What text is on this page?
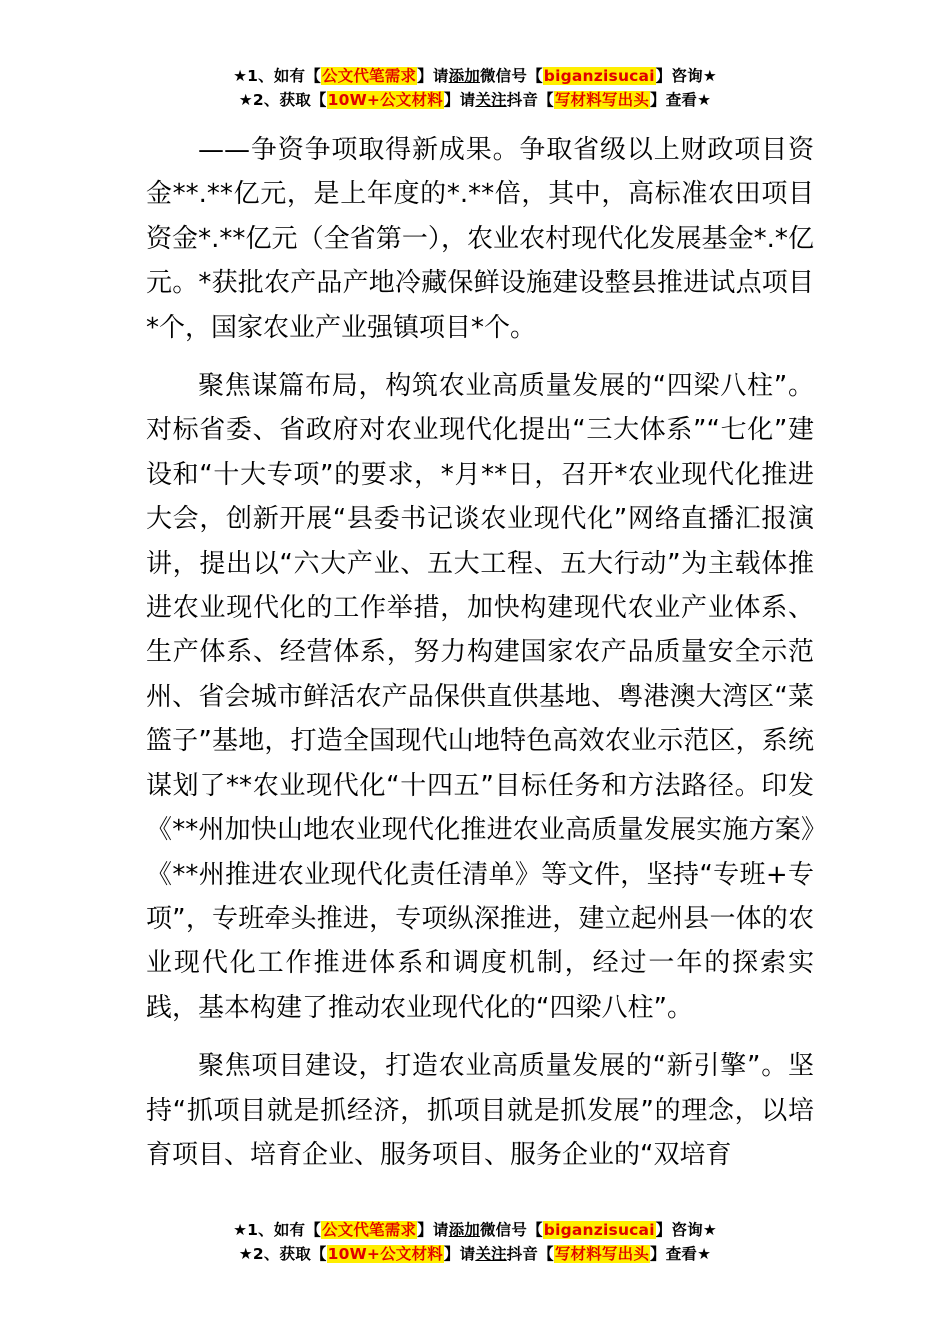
★1、如有【公文代笔需求】请添加微信号【biganzisucai】咨询★
★2、获取【10W+公文材料】请关注抖音【写材料写出头】查看★

——争资争项取得新成果。争取省级以上财政项目资金**.**亿元，是上年度的*.**倍，其中，高标准农田项目资金*.**亿元（全省第一），农业农村现代化发展基金*.*亿元。*获批农产品产地冷藏保鲜设施建设整县推进试点项目*个，国家农业产业强镇项目*个。

聚焦谋篇布局，构筑农业高质量发展的“四梁八柱”。对标省委、省政府对农业现代化提出“三大体系”“七化”建设和“十大专项”的要求，*月**日，召开*农业现代化推进大会，创新开展“县委书记谈农业现代化”网络直播汇报演讲，提出以“六大产业、五大工程、五大行动”为主载体推进农业现代化的工作举措，加快构建现代农业产业体系、生产体系、经营体系，努力构建国家农产品质量安全示范州、省会城市鲜活农产品保供直供基地、粤港澳大湾区“菜篮子”基地，打造全国现代山地特色高效农业示范区，系统谋划了**农业现代化“十四五”目标任务和方法路径。印发《**州加快山地农业现代化推进农业高质量发展实施方案》《**州推进农业现代化责任清单》等文件，坚持“专班+专项”，专班牵头推进，专项纵深推进，建立起州县一体的农业现代化工作推进体系和调度机制，经过一年的探索实践，基本构建了推动农业现代化的“四梁八柱”。

聚焦项目建设，打造农业高质量发展的“新引擎”。坚持“抓项目就是抓经济，抓项目就是抓发展”的理念，以培育项目、培育企业、服务项目、服务企业的“双培育

★1、如有【公文代笔需求】请添加微信号【biganzisucai】咨询★
★2、获取【10W+公文材料】请关注抖音【写材料写出头】查看★
